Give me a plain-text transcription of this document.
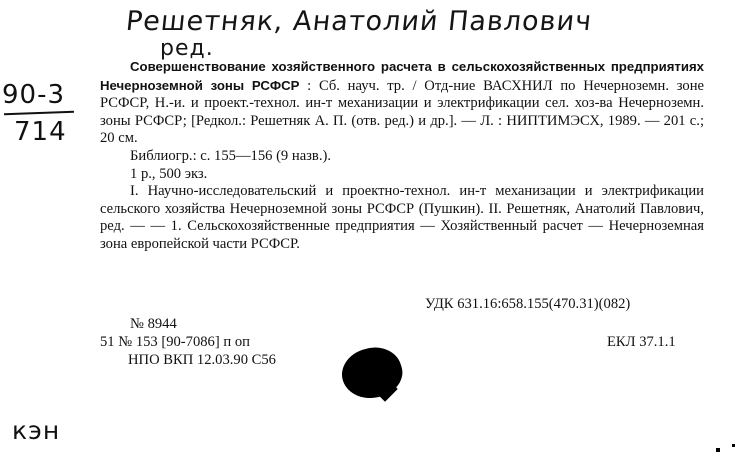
Решетняк, Анатолий Павлович
ред.
90-3
714

Совершенствование хозяйственного расчета в сельскохозяйственных предприятиях Нечерноземной зоны РСФСР : Сб. науч. тр. / Отд-ние ВАСХНИЛ по Нечерноземн. зоне РСФСР, Н.-и. и проект.-технол. ин-т механизации и электрификации сел. хоз-ва Нечерноземн. зоны РСФСР; [Редкол.: Решетняк А. П. (отв. ред.) и др.]. — Л. : НИПТИМЭСХ, 1989. — 201 с.; 20 см.

Библиогр.: с. 155—156 (9 назв.).

1 р., 500 экз.

I. Научно-исследовательский и проектно-технол. ин-т механизации и электрификации сельского хозяйства Нечерноземной зоны РСФСР (Пушкин). II. Решетняк, Анатолий Павлович, ред. — — 1. Сельскохозяйственные предприятия — Хозяйственный расчет — Нечерноземная зона европейской части РСФСР.

УДК 631.16:658.155(470.31)(082)
№ 8944
51 № 153 [90-7086] п оп	ЕКЛ 37.1.1
НПО ВКП 12.03.90 С56
кэн
